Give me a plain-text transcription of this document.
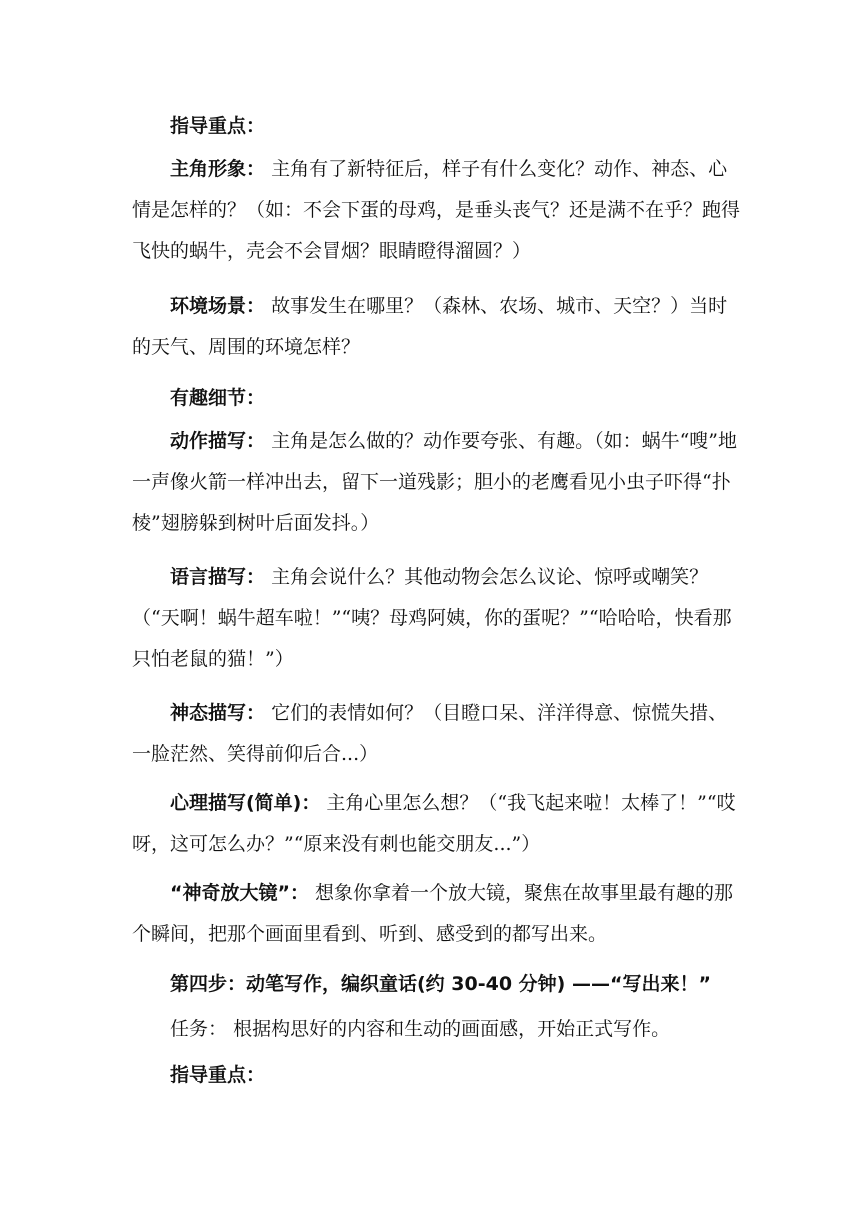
指导重点：

主角形象： 主角有了新特征后，样子有什么变化？动作、神态、心情是怎样的？（如：不会下蛋的母鸡，是垂头丧气？还是满不在乎？跑得飞快的蜗牛，壳会不会冒烟？眼睛瞪得溜圆？）

环境场景： 故事发生在哪里？（森林、农场、城市、天空？）当时的天气、周围的环境怎样？

有趣细节：

动作描写： 主角是怎么做的？动作要夸张、有趣。（如：蜗牛“嗖”地一声像火箭一样冲出去，留下一道残影；胆小的老鹰看见小虫子吓得“扑棱”翅膀躲到树叶后面发抖。）

语言描写： 主角会说什么？其他动物会怎么议论、惊呼或嘲笑？（“天啊！蜗牛超车啦！”“咦？母鸡阿姨，你的蛋呢？”“哈哈哈，快看那只怕老鼠的猫！”）

神态描写： 它们的表情如何？（目瞪口呆、洋洋得意、惊慌失措、一脸茫然、笑得前仰后合...）

心理描写(简单)： 主角心里怎么想？（“我飞起来啦！太棒了！”“哎呀，这可怎么办？”“原来没有刺也能交朋友...”）

“神奇放大镜”： 想象你拿着一个放大镜，聚焦在故事里最有趣的那个瞬间，把那个画面里看到、听到、感受到的都写出来。

第四步：动笔写作，编织童话(约 30-40 分钟) ——“写出来！”

任务： 根据构思好的内容和生动的画面感，开始正式写作。

指导重点：
